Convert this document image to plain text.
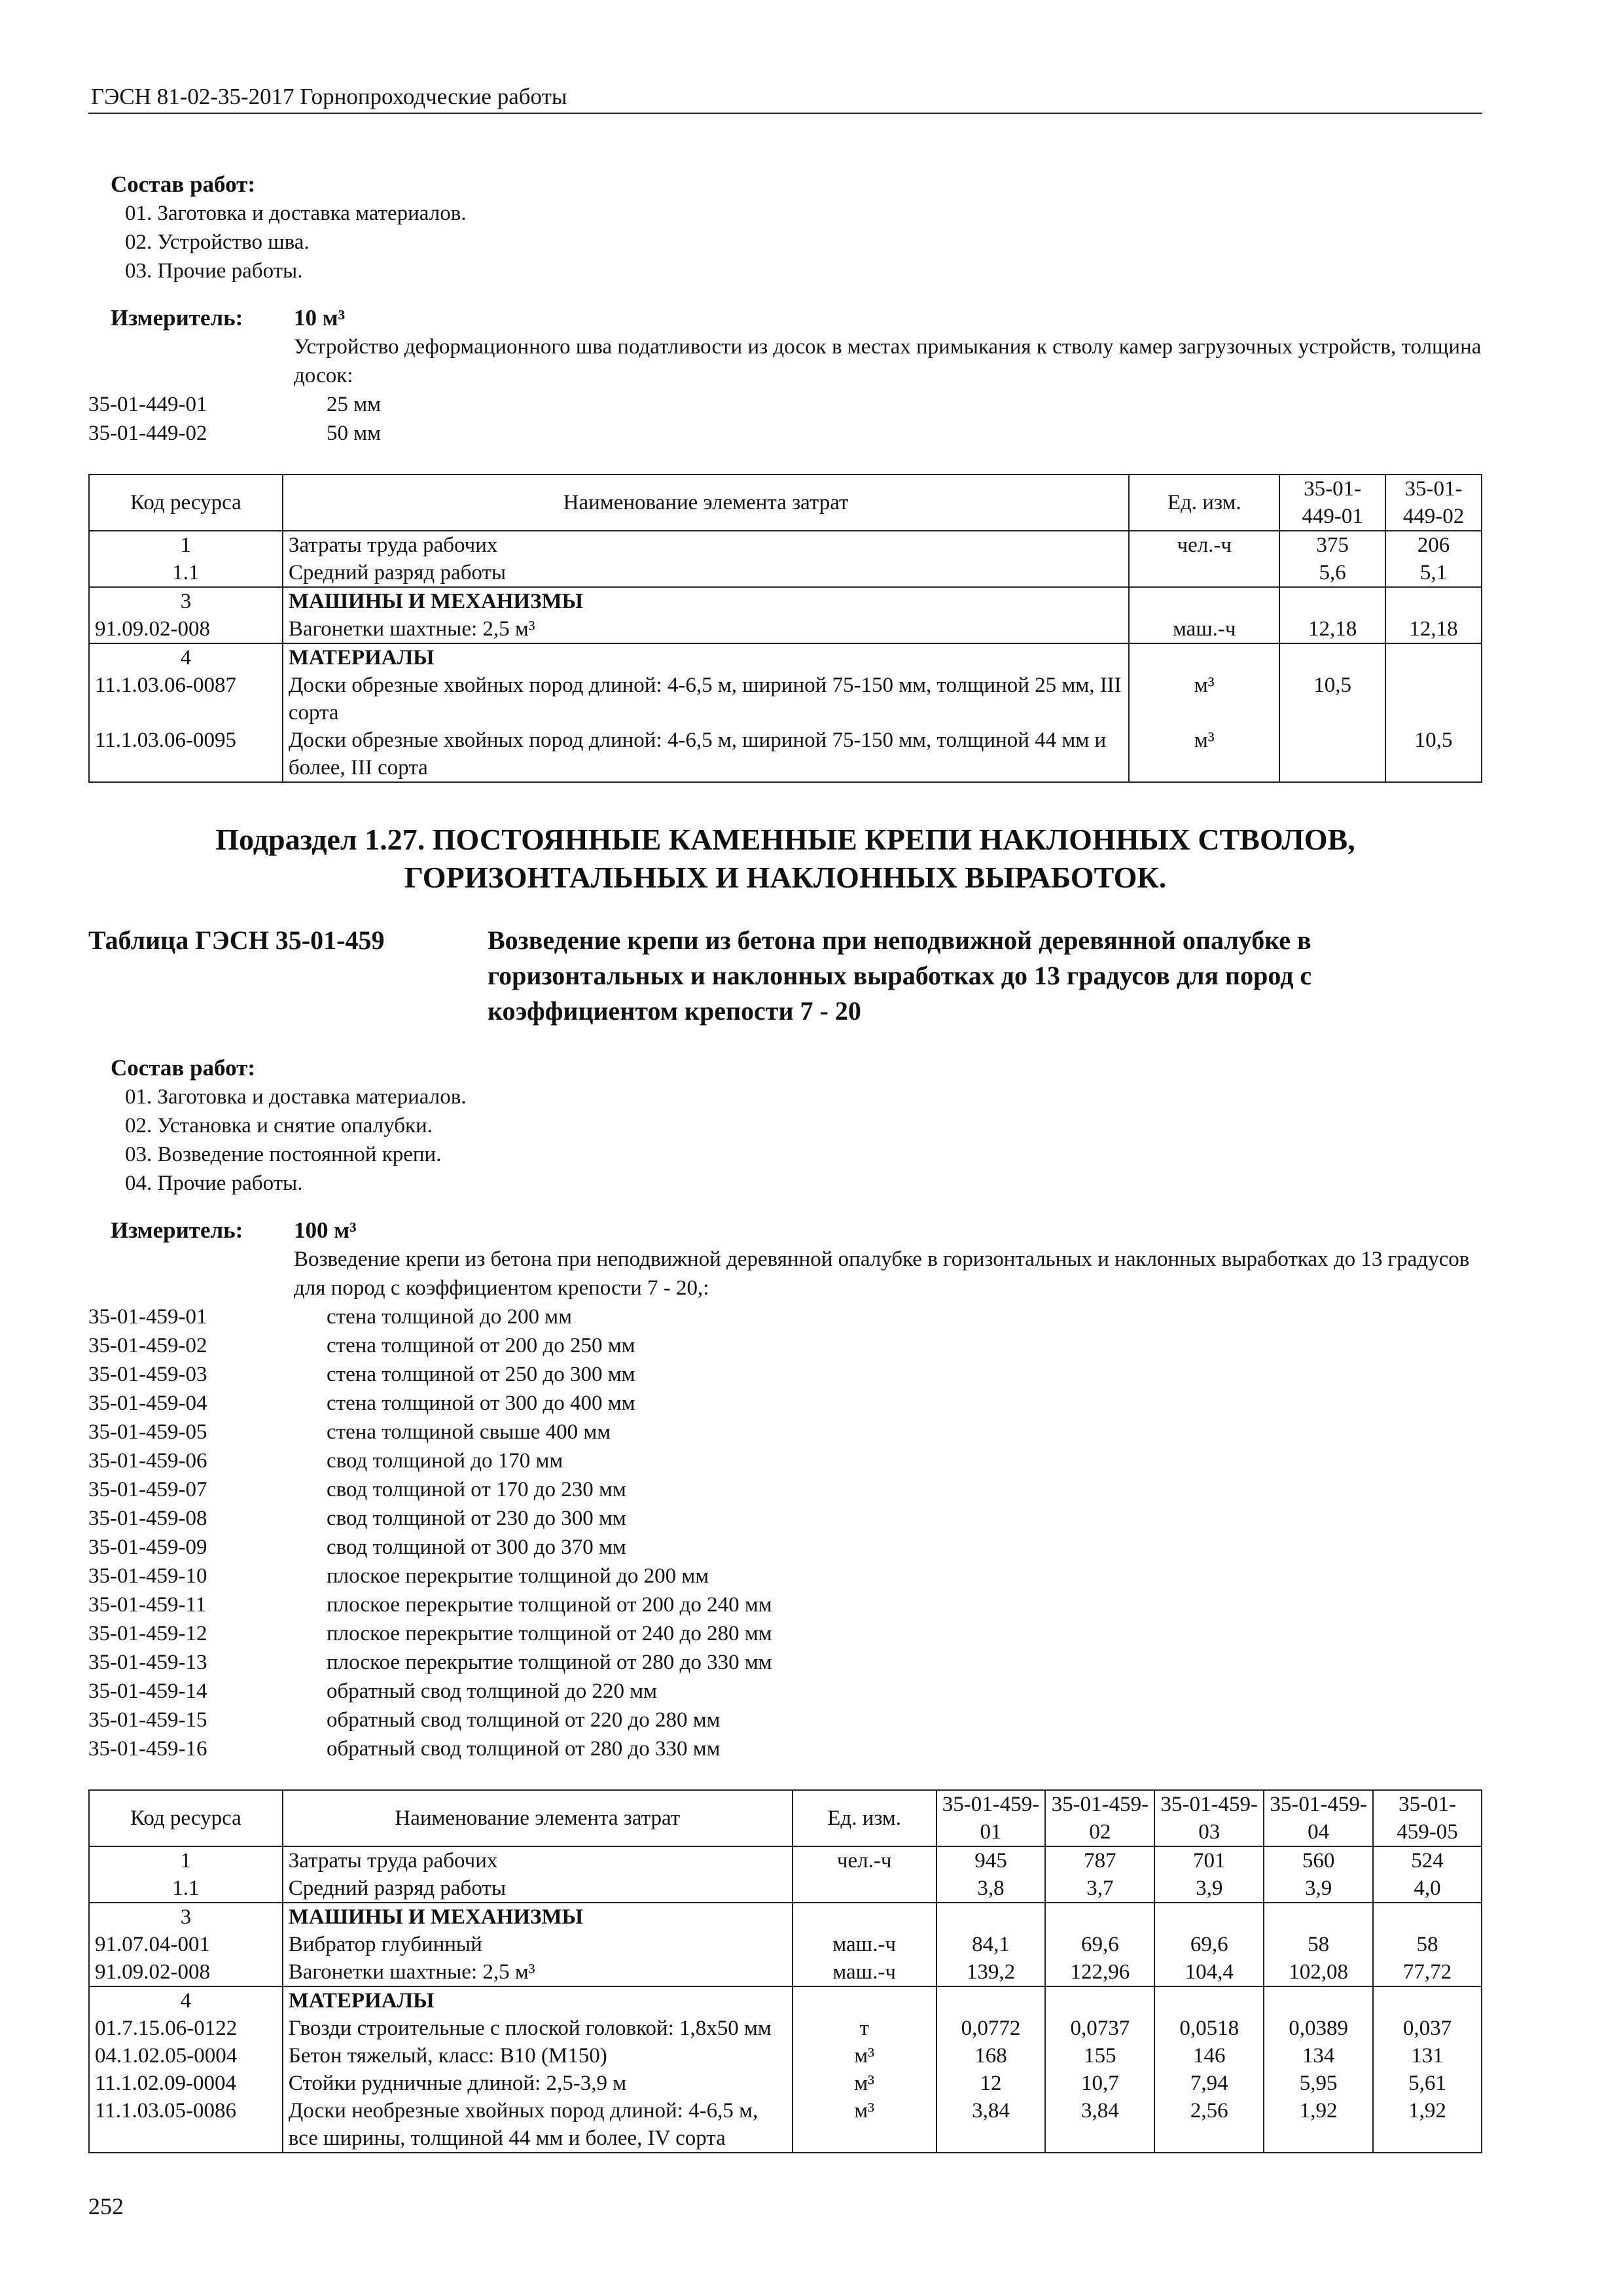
ГЭСН 81-02-35-2017 Горнопроходческие работы
Состав работ:
01. Заготовка и доставка материалов.
02. Устройство шва.
03. Прочие работы.
Измеритель:	10 м³
Устройство деформационного шва податливости из досок в местах примыкания к стволу камер загрузочных устройств, толщина досок:
35-01-449-01	25 мм
35-01-449-02	50 мм
Код ресурса	Наименование элемента затрат	Ед. изм.	35-01-449-01	35-01-449-02
1	Затраты труда рабочих	чел.-ч	375	206
1.1	Средний разряд работы		5,6	5,1
3	МАШИНЫ И МЕХАНИЗМЫ			
91.09.02-008	Вагонетки шахтные: 2,5 м³	маш.-ч	12,18	12,18
4	МАТЕРИАЛЫ			
11.1.03.06-0087	Доски обрезные хвойных пород длиной: 4-6,5 м, шириной 75-150 мм, толщиной 25 мм, III сорта	м³	10,5	
11.1.03.06-0095	Доски обрезные хвойных пород длиной: 4-6,5 м, шириной 75-150 мм, толщиной 44 мм и более, III сорта	м³		10,5
Подраздел 1.27. ПОСТОЯННЫЕ КАМЕННЫЕ КРЕПИ НАКЛОННЫХ СТВОЛОВ, ГОРИЗОНТАЛЬНЫХ И НАКЛОННЫХ ВЫРАБОТОК.
Таблица ГЭСН 35-01-459	Возведение крепи из бетона при неподвижной деревянной опалубке в горизонтальных и наклонных выработках до 13 градусов для пород с коэффициентом крепости 7 - 20
Состав работ:
01. Заготовка и доставка материалов.
02. Установка и снятие опалубки.
03. Возведение постоянной крепи.
04. Прочие работы.
Измеритель:	100 м³
Возведение крепи из бетона при неподвижной деревянной опалубке в горизонтальных и наклонных выработках до 13 градусов для пород с коэффициентом крепости 7 - 20,:
35-01-459-01	стена толщиной до 200 мм
35-01-459-02	стена толщиной от 200 до 250 мм
35-01-459-03	стена толщиной от 250 до 300 мм
35-01-459-04	стена толщиной от 300 до 400 мм
35-01-459-05	стена толщиной свыше 400 мм
35-01-459-06	свод толщиной до 170 мм
35-01-459-07	свод толщиной от 170 до 230 мм
35-01-459-08	свод толщиной от 230 до 300 мм
35-01-459-09	свод толщиной от 300 до 370 мм
35-01-459-10	плоское перекрытие толщиной до 200 мм
35-01-459-11	плоское перекрытие толщиной от 200 до 240 мм
35-01-459-12	плоское перекрытие толщиной от 240 до 280 мм
35-01-459-13	плоское перекрытие толщиной от 280 до 330 мм
35-01-459-14	обратный свод толщиной до 220 мм
35-01-459-15	обратный свод толщиной от 220 до 280 мм
35-01-459-16	обратный свод толщиной от 280 до 330 мм
Код ресурса	Наименование элемента затрат	Ед. изм.	35-01-459-01	35-01-459-02	35-01-459-03	35-01-459-04	35-01-459-05
1	Затраты труда рабочих	чел.-ч	945	787	701	560	524
1.1	Средний разряд работы		3,8	3,7	3,9	3,9	4,0
3	МАШИНЫ И МЕХАНИЗМЫ						
91.07.04-001	Вибратор глубинный	маш.-ч	84,1	69,6	69,6	58	58
91.09.02-008	Вагонетки шахтные: 2,5 м³	маш.-ч	139,2	122,96	104,4	102,08	77,72
4	МАТЕРИАЛЫ						
01.7.15.06-0122	Гвозди строительные с плоской головкой: 1,8x50 мм	т	0,0772	0,0737	0,0518	0,0389	0,037
04.1.02.05-0004	Бетон тяжелый, класс: В10 (М150)	м³	168	155	146	134	131
11.1.02.09-0004	Стойки рудничные длиной: 2,5-3,9 м	м³	12	10,7	7,94	5,95	5,61
11.1.03.05-0086	Доски необрезные хвойных пород длиной: 4-6,5 м, все ширины, толщиной 44 мм и более, IV сорта	м³	3,84	3,84	2,56	1,92	1,92
252
